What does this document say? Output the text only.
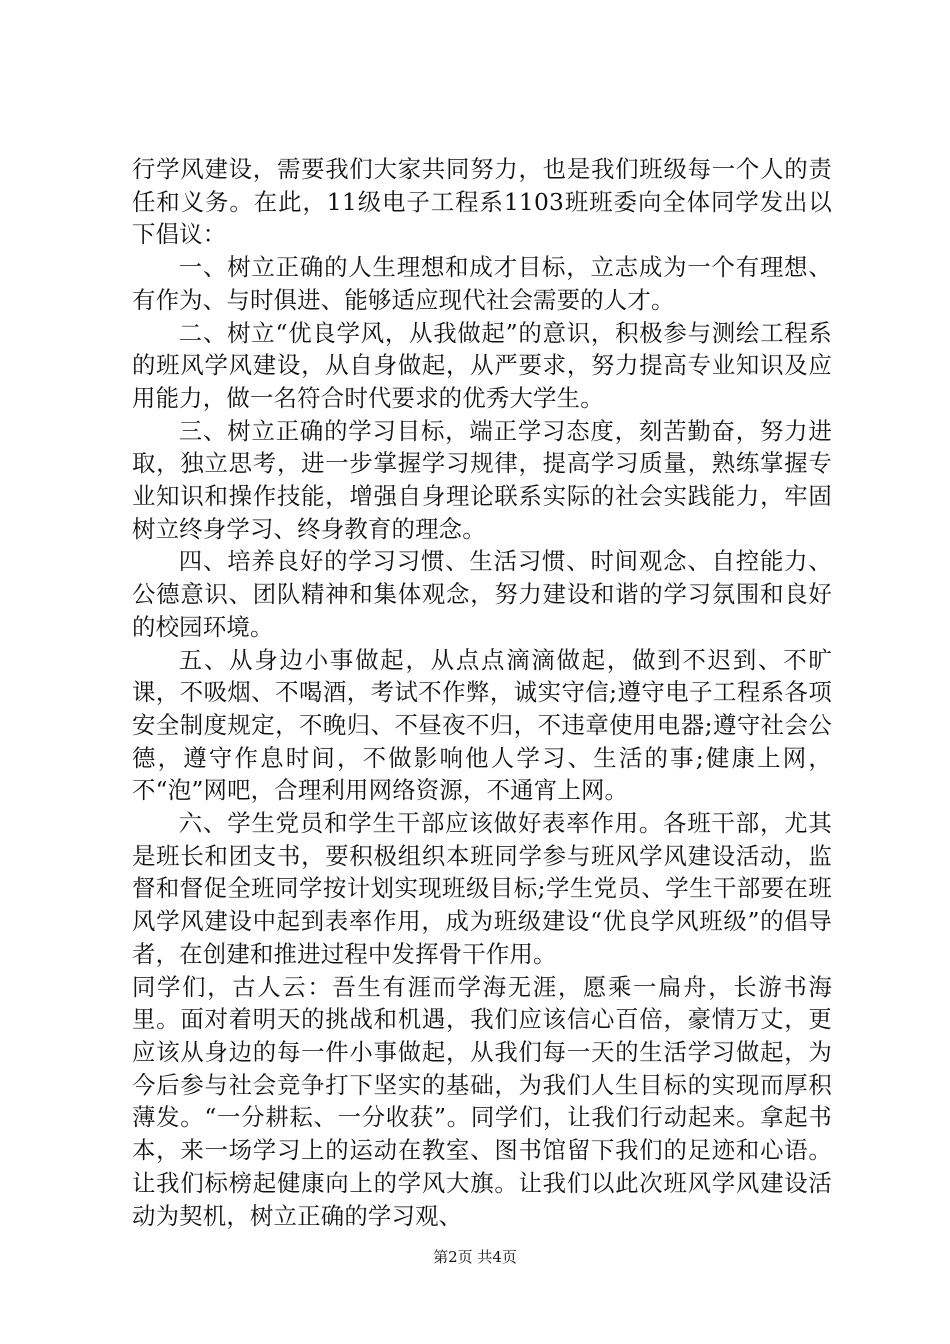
行学风建设，需要我们大家共同努力，也是我们班级每一个人的责任和义务。在此，11级电子工程系1103班班委向全体同学发出以下倡议：

一、树立正确的人生理想和成才目标，立志成为一个有理想、有作为、与时俱进、能够适应现代社会需要的人才。

二、树立“优良学风，从我做起”的意识，积极参与测绘工程系的班风学风建设，从自身做起，从严要求，努力提高专业知识及应用能力，做一名符合时代要求的优秀大学生。

三、树立正确的学习目标，端正学习态度，刻苦勤奋，努力进取，独立思考，进一步掌握学习规律，提高学习质量，熟练掌握专业知识和操作技能，增强自身理论联系实际的社会实践能力，牢固树立终身学习、终身教育的理念。

四、培养良好的学习习惯、生活习惯、时间观念、自控能力、公德意识、团队精神和集体观念，努力建设和谐的学习氛围和良好的校园环境。

五、从身边小事做起，从点点滴滴做起，做到不迟到、不旷课，不吸烟、不喝酒，考试不作弊，诚实守信;遵守电子工程系各项安全制度规定，不晚归、不昼夜不归，不违章使用电器;遵守社会公德，遵守作息时间，不做影响他人学习、生活的事;健康上网，不“泡”网吧，合理利用网络资源，不通宵上网。

六、学生党员和学生干部应该做好表率作用。各班干部，尤其是班长和团支书，要积极组织本班同学参与班风学风建设活动，监督和督促全班同学按计划实现班级目标;学生党员、学生干部要在班风学风建设中起到表率作用，成为班级建设“优良学风班级”的倡导者，在创建和推进过程中发挥骨干作用。

同学们，古人云：吾生有涯而学海无涯，愿乘一扁舟，长游书海里。面对着明天的挑战和机遇，我们应该信心百倍，豪情万丈，更应该从身边的每一件小事做起，从我们每一天的生活学习做起，为今后参与社会竞争打下坚实的基础，为我们人生目标的实现而厚积薄发。“一分耕耘、一分收获”。同学们，让我们行动起来。拿起书本，来一场学习上的运动在教室、图书馆留下我们的足迹和心语。让我们标榜起健康向上的学风大旗。让我们以此次班风学风建设活动为契机，树立正确的学习观、

第2页 共4页
